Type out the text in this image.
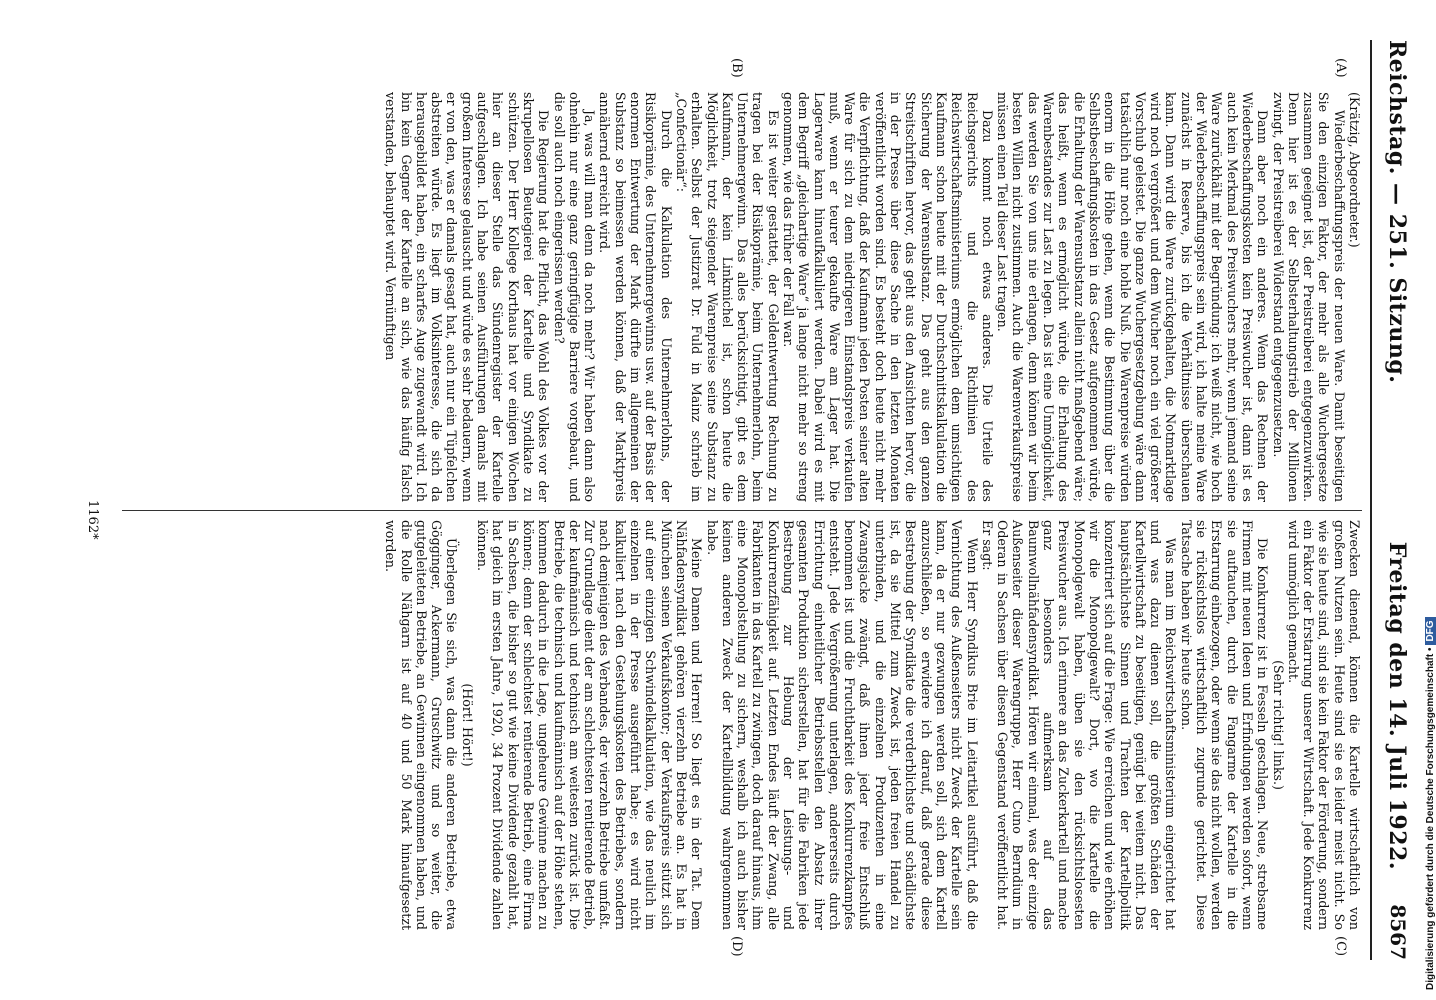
Reichstag. — 251. Sitzung.
Freitag den 14. Juli 1922.
8567
(A)
(B)
(C)
(D)

(Krätzig, Abgeordneter.)

Wiederbeschaffungspreis der neuen Ware. Damit beseitigen Sie den einzigen Faktor, der mehr als alle Wuchergesetze zusammen geeignet ist, der Preistreiberei entgegenzuwirken. Denn hier ist es der Selbsterhaltungstrieb der Millionen zwingt, der Preistreiberei Widerstand entgegenzusetzen.

Dann aber noch ein anderes. Wenn das Rechnen der Wiederbeschaffungskosten kein Preiswucher ist, dann ist es auch kein Merkmal des Preiswuchers mehr, wenn jemand seine Ware zurückhält mit der Begründung: ich weiß nicht, wie hoch der Wiederbeschaffungspreis sein wird, ich halte meine Ware zunächst in Reserve, bis ich die Verhältnisse überschauen kann. Dann wird die Ware zurückgehalten, die Notmarktlage wird noch vergrößert und dem Wucher noch ein viel größerer Vorschub geleistet. Die ganze Wuchergesetzgebung wäre dann tatsächlich nur noch eine hohle Nuß. Die Warenpreise würden enorm in die Höhe gehen, wenn die Bestimmung über die Selbstbeschaffungskosten in das Gesetz aufgenommen würde, die Erhaltung der Warensubstanz allein nicht maßgebend wäre; das heißt, wenn es ermöglicht würde, die Erhaltung des Warenbestandes zur Last zu legen. Das ist eine Unmöglichkeit, das werden Sie von uns nie erlangen, denn können wir beim besten Willen nicht zustimmen. Auch die Warenverkaufspreise müssen einen Teil dieser Last tragen.

Dazu kommt noch etwas anderes. Die Urteile des Reichsgerichts und die Richtlinien des Reichswirtschaftsministeriums ermöglichen dem umsichtigen Kaufmann schon heute mit der Durchschnittskalkulation die Sicherung der Warensubstanz. Das geht aus den ganzen Streitschriften hervor, das geht aus den Ansichten hervor, die in der Presse über diese Sache in den letzten Monaten veröffentlicht worden sind. Es besteht doch heute nicht mehr die Verpflichtung, daß der Kaufmann jeden Posten seiner alten Ware für sich zu dem niedrigeren Einstandspreis verkaufen muß, wenn er teurer gekaufte Ware am Lager hat. Die Lagerware kann hinaufkalkuliert werden. Dabei wird es mit dem Begriff „gleichartige Ware“ ja lange nicht mehr so streng genommen, wie das früher der Fall war.

Es ist weiter gestattet, der Geldentwertung Rechnung zu tragen bei der Risikoprämie, beim Unternehmerlohn, beim Unternehmergewinn. Das alles berücksichtigt, gibt es dem Kaufmann, der kein Linkmichel ist, schon heute die Möglichkeit, trotz steigender Warenpreise seine Substanz zu erhalten. Selbst der Justizrat Dr. Fuld in Mainz schrieb im „Confectionär“:

Durch die Kalkulation des Unternehmerlohns, der Risikoprämie, des Unternehmergewinns usw. auf der Basis der enormen Entwertung der Mark dürfte im allgemeinen der Substanz so beimessen werden können, daß der Marktpreis annähernd erreicht wird.

Ja, was will man denn da noch mehr? Wir haben dann also ohnehin nur eine ganz geringfügige Barriere vorgebaut, und die soll auch noch eingerissen werden?

Die Regierung hat die Pflicht, das Wohl des Volkes vor der skrupellosen Beutegierei der Kartelle und Syndikate zu schützen. Der Herr Kollege Korthaus hat vor einigen Wochen hier an dieser Stelle das Sündenregister der Kartelle aufgeschlagen. Ich habe seinen Ausführungen damals mit großem Interesse gelauscht und würde es sehr bedauern, wenn er von den, was er damals gesagt hat, auch nur ein Tüpfelchen abstreiten würde. Es liegt im Volksinteresse, die sich da herausgebildet haben, ein scharfes Auge zugewandt wird. Ich bin kein Gegner der Kartelle an sich, wie das häufig falsch verstanden, behauptet wird. Vernünftigen

Zwecken dienend, können die Kartelle wirtschaftlich von großem Nutzen sein. Heute sind sie es leider meist nicht. So wie sie heute sind, sind sie kein Faktor der Förderung, sondern ein Faktor der Erstarrung unserer Wirtschaft. Jede Konkurrenz wird unmöglich gemacht.

(Sehr richtig! links.)

Die Konkurrenz ist in Fesseln geschlagen. Neue, strebsame Firmen mit neuen Ideen und Erfindungen werden sofort, wenn sie auftauchen, durch die Fangarme der Kartelle in die Erstarrung einbezogen, oder wenn sie das nicht wollen, werden sie rücksichtslos wirtschaftlich zugrunde gerichtet. Diese Tatsache haben wir heute schon.

Was man im Reichswirtschaftsministerium eingerichtet hat und was dazu dienen soll, die größten Schäden der Kartellwirtschaft zu beseitigen, genügt bei weitem nicht. Das hauptsächlichste Sinnen und Trachten der Kartellpolitik konzentriert sich auf die Frage: Wie erreichen und wie erhöhen wir die Monopolgewalt? Dort, wo die Kartelle die Monopolgewalt haben, üben sie den rücksichtslosesten Preiswucher aus. Ich erinnere an das Zuckerkartell und mache ganz besonders aufmerksam auf das Baumwollnähfadensyndikat. Hören wir einmal, was der einzige Außenseiter dieser Warengruppe, Herr Cuno Berndium in Oderan in Sachsen über diesen Gegenstand veröffentlicht hat. Er sagt:

Wenn Herr Syndikus Brie im Leitartikel ausführt, daß die Vernichtung des Außenseiters nicht Zweck der Kartelle sein kann, da er nur gezwungen werden soll, sich dem Kartell anzuschließen, so erwidere ich darauf, daß gerade diese Bestrebung der Syndikate die verderblichste und schädlichste ist, da sie Mittel zum Zweck ist, jeden freien Handel zu unterbinden, und die einzelnen Produzenten in eine Zwangsjacke zwängt, daß ihnen jeder freie Entschluß benommen ist und die Fruchtbarkeit des Konkurrenzkampfes entsteht. Jede Vergrößerung unterlagen, andererseits durch Errichtung einheitlicher Betriebsstellen den Absatz ihrer gesamten Produktion sicherstellen, hat für die Fabriken jede Bestrebung zur Hebung der Leistungs- und Konkurrenzfähigkeit auf. Letzten Endes läuft der Zwang, alle Fabrikanten in das Kartell zu zwingen, doch darauf hinaus, ihm eine Monopolstellung zu sichern, weshalb ich auch bisher keinen anderen Zweck der Kartellbildung wahrgenommen habe.

Meine Damen und Herren! So liegt es in der Tat. Dem Nähfadensyndikat gehören vierzehn Betriebe an. Es hat in München seinen Verkaufskontor; der Verkaufspreis stützt sich auf einer einzigen Schwindelkalkulation, wie das neulich im einzelnen in der Presse ausgeführt habe; es wird nicht kalkuliert nach den Gestehungskosten des Betriebes, sondern nach demjenigen des Verbandes, der vierzehn Betriebe umfaßt. Zur Grundlage dient der am schlechtesten rentierende Betrieb, der kaufmännisch und technisch am weitesten zurück ist. Die Betriebe, die technisch und kaufmännisch auf der Höhe stehen, kommen dadurch in die Lage, ungeheure Gewinne machen zu können; denn der schlechtest rentierende Betrieb, eine Firma in Sachsen, die bisher so gut wie keine Dividende gezahlt hat, hat gleich im ersten Jahre, 1920, 34 Prozent Dividende zahlen können.

(Hört! Hört!)

Überlegen Sie sich, was dann die anderen Betriebe, etwa Gögginger, Ackermann, Gruschwitz und so weiter, die gutgeleiteten Betriebe, an Gewinnen eingenommen haben, und die Rolle Nähgarn ist auf 40 und 50 Mark hinaufgesetzt worden.

1162*
Digitalisierung gefördert durch die Deutsche Forschungsgemeinschaft •DFG
